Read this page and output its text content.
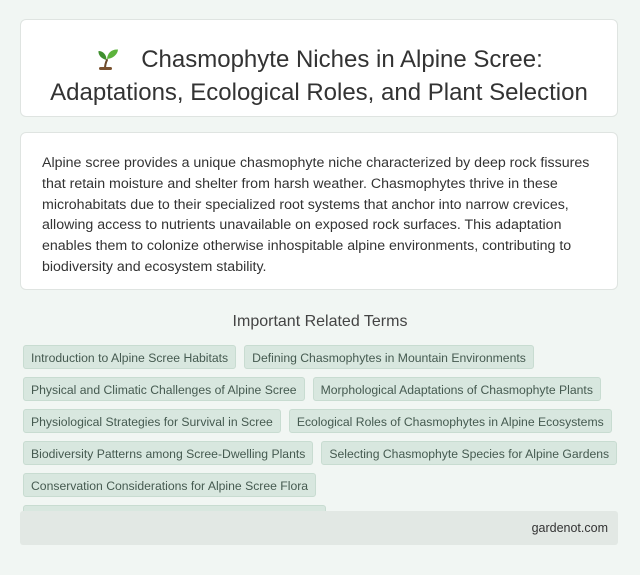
Chasmophyte Niches in Alpine Scree:
Adaptations, Ecological Roles, and Plant Selection

Alpine scree provides a unique chasmophyte niche characterized by deep rock fissures that retain moisture and shelter from harsh weather. Chasmophytes thrive in these microhabitats due to their specialized root systems that anchor into narrow crevices, allowing access to nutrients unavailable on exposed rock surfaces. This adaptation enables them to colonize otherwise inhospitable alpine environments, contributing to biodiversity and ecosystem stability.

Important Related Terms
Introduction to Alpine Scree Habitats	Defining Chasmophytes in Mountain Environments
Physical and Climatic Challenges of Alpine Scree	Morphological Adaptations of Chasmophyte Plants
Physiological Strategies for Survival in Scree	Ecological Roles of Chasmophytes in Alpine Ecosystems
Biodiversity Patterns among Scree-Dwelling Plants	Selecting Chasmophyte Species for Alpine Gardens
Conservation Considerations for Alpine Scree Flora
gardenot.com
